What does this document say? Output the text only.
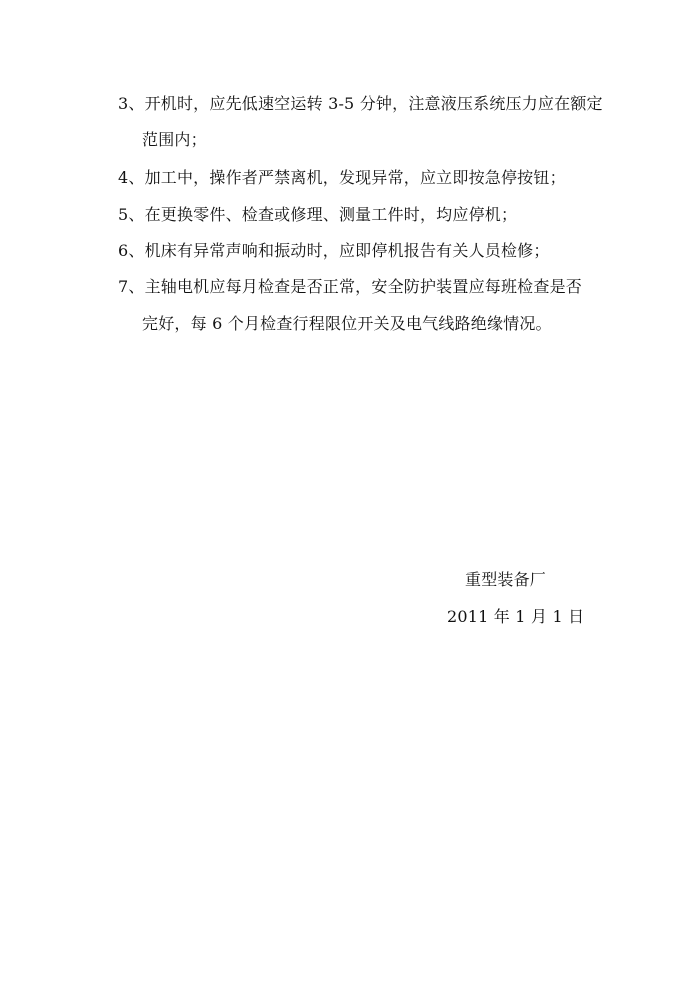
3、开机时，应先低速空运转 3-5 分钟，注意液压系统压力应在额定
范围内；
4、加工中，操作者严禁离机，发现异常，应立即按急停按钮；
5、在更换零件、检查或修理、测量工件时，均应停机；
6、机床有异常声响和振动时，应即停机报告有关人员检修；
7、主轴电机应每月检查是否正常，安全防护装置应每班检查是否
完好，每 6 个月检查行程限位开关及电气线路绝缘情况。
重型装备厂
2011 年 1 月 1 日
